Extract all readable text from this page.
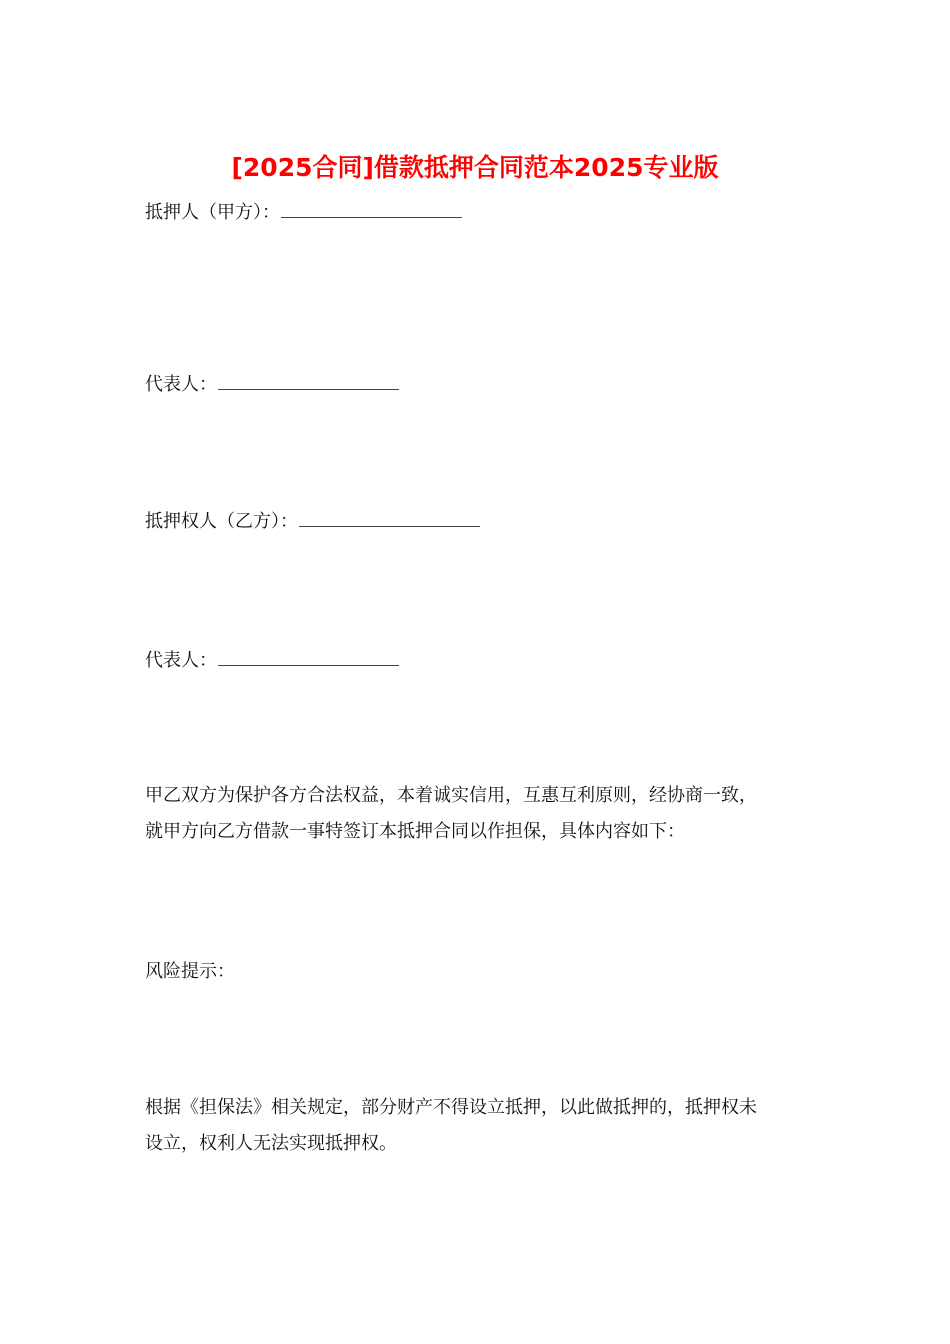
[2025合同]借款抵押合同范本2025专业版
抵押人（甲方）：
代表人：
抵押权人（乙方）：
代表人：

甲乙双方为保护各方合法权益，本着诚实信用，互惠互利原则，经协商一致，

就甲方向乙方借款一事特签订本抵押合同以作担保，具体内容如下：

风险提示：

根据《担保法》相关规定，部分财产不得设立抵押，以此做抵押的，抵押权未

设立，权利人无法实现抵押权。
